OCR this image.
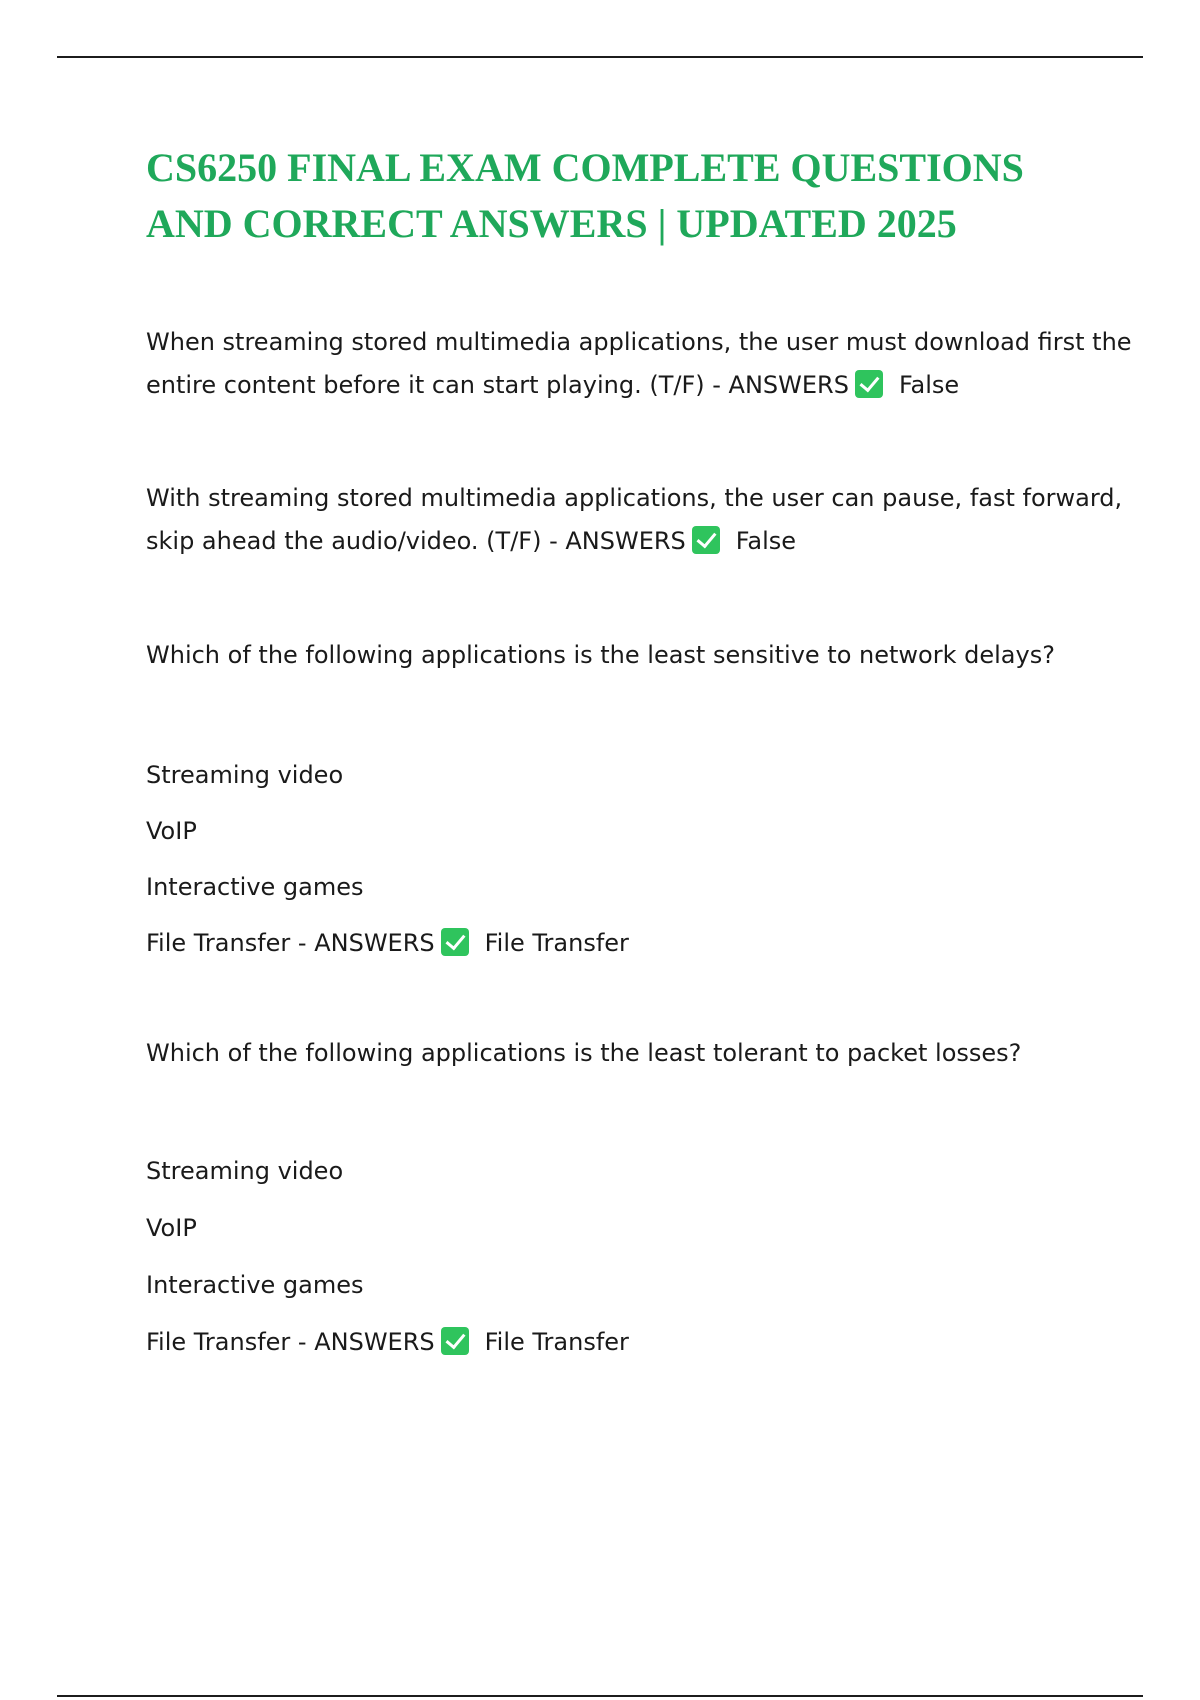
CS6250 FINAL EXAM COMPLETE QUESTIONS
AND CORRECT ANSWERS | UPDATED 2025
When streaming stored multimedia applications, the user must download first the
entire content before it can start playing. (T/F) - ANSWERS False
With streaming stored multimedia applications, the user can pause, fast forward,
skip ahead the audio/video. (T/F) - ANSWERS False
Which of the following applications is the least sensitive to network delays?
Streaming video
VoIP
Interactive games
File Transfer - ANSWERS File Transfer
Which of the following applications is the least tolerant to packet losses?
Streaming video
VoIP
Interactive games
File Transfer - ANSWERS File Transfer
